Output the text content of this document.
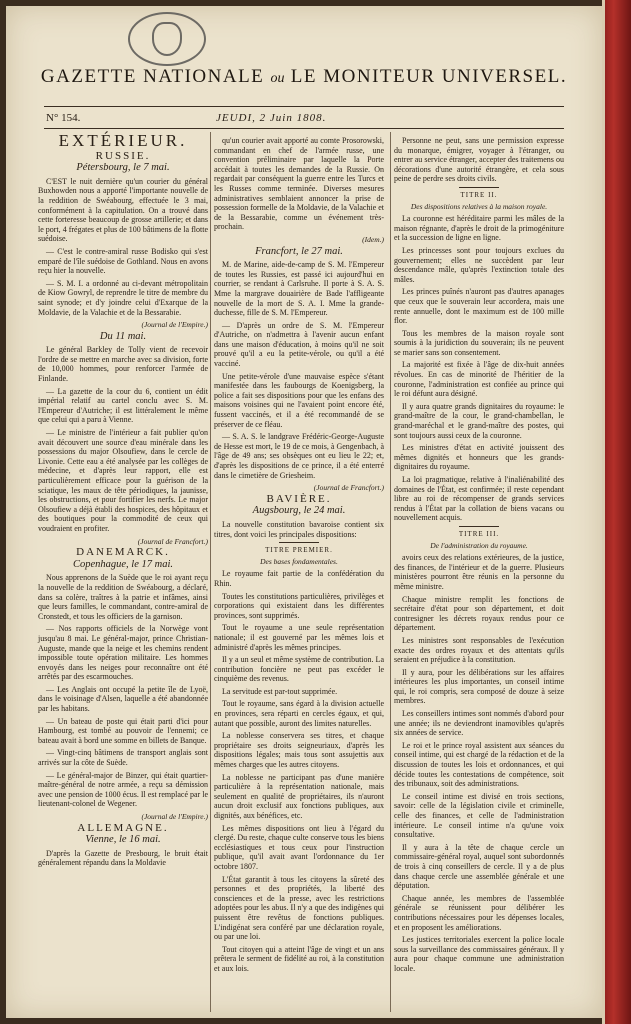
GAZETTE NATIONALE ou LE MONITEUR UNIVERSEL.
N° 154.	JEUDI, 2 Juin 1808.
EXTÉRIEUR.
RUSSIE.
Pétersbourg, le 7 mai.

C'EST le nuit dernière qu'un courier du général Buxhowden nous a apporté l'importante nouvelle de la reddition de Swéabourg, effectuée le 3 mai, conformément à la capitulation. On a trouvé dans cette forteresse beaucoup de grosse artillerie; et dans le port, 4 frégates et plus de 100 bâtimens de la flotte suédoise.

— C'est le contre-amiral russe Bodisko qui s'est emparé de l'île suédoise de Gothland. Nous en avons reçu hier la nouvelle.

— S. M. I. a ordonné au ci-devant métropolitain de Kiow Gowryl, de reprendre le titre de membre du saint synode; et d'y joindre celui d'Exarque de la Moldavie, de la Valachie et de la Bessarabie.

(Journal de l'Empire.)
Du 11 mai.

Le général Barkley de Tolly vient de recevoir l'ordre de se mettre en marche avec sa division, forte de 10,000 hommes, pour renforcer l'armée de Finlande.

— La gazette de la cour du 6, contient un édit impérial relatif au cartel conclu avec S. M. l'Empereur d'Autriche; il est littéralement le même que celui qui a paru à Vienne.

— Le ministre de l'intérieur a fait publier qu'on avait découvert une source d'eau minérale dans les possessions du major Olsoufiew, dans le cercle de Livonie. Cette eau a été analysée par les collèges de médecine, et d'après leur rapport, elle est particulièrement efficace pour la guérison de la sciatique, les maux de tête périodiques, la jaunisse, les obstructions, et pour fortifier les nerfs. Le major Olsoufiew a déjà établi des hospices, des hôpitaux et des boutiques pour la commodité de ceux qui voudraient en profiter.

(Journal de Francfort.)
DANEMARCK.
Copenhague, le 17 mai.

Nous apprenons de la Suède que le roi ayant reçu la nouvelle de la reddition de Swéabourg, a déclaré, dans sa colère, traîtres à la patrie et infâmes, ainsi que leurs familles, le commandant, contre-amiral de Cronstedt, et tous les officiers de la garnison.

— Nos rapports officiels de la Norwège vont jusqu'au 8 mai. Le général-major, prince Christian-Auguste, mande que la neige et les chemins rendent impossible toute opération militaire. Les hommes envoyés dans les neiges pour reconnaître ont été arrêtés par des escarmouches.

— Les Anglais ont occupé la petite île de Lyoë, dans le voisinage d'Alsen, laquelle a été abandonnée par les habitans.

— Un bateau de poste qui était parti d'ici pour Hambourg, est tombé au pouvoir de l'ennemi; ce bateau avait à bord une somme en billets de Banque.

— Vingt-cinq bâtimens de transport anglais sont arrivés sur la côte de Suède.

— Le général-major de Binzer, qui était quartier-maître-général de notre armée, a reçu sa démission avec une pension de 1000 écus. Il est remplacé par le lieutenant-colonel de Wegener.

(Journal de l'Empire.)
ALLEMAGNE.
Vienne, le 16 mai.

D'après la Gazette de Presbourg, le bruit était généralement répandu dans la Moldavie

qu'un courier avait apporté au comte Prosorowski, commandant en chef de l'armée russe, une convention préliminaire par laquelle la Porte accédait à toutes les demandes de la Russie. On regardait par conséquent la guerre entre les Turcs et les Russes comme terminée. Diverses mesures administratives semblaient annoncer la prise de possession formelle de la Moldavie, de la Valachie et de la Bessarabie, comme un événement très-prochain.

(Idem.)
Francfort, le 27 mai.

M. de Marine, aide-de-camp de S. M. l'Empereur de toutes les Russies, est passé ici aujourd'hui en courrier, se rendant à Carlsruhe. Il porte à S. A. S. Mme la margrave douairière de Bade l'affligeante nouvelle de la mort de S. A. I. Mme la grande-duchesse, fille de S. M. l'Empereur.

— D'après un ordre de S. M. l'Empereur d'Autriche, on n'admettra à l'avenir aucun enfant dans une maison d'éducation, à moins qu'il ne soit prouvé qu'il a eu la petite-vérole, ou qu'il a été vacciné.

Une petite-vérole d'une mauvaise espèce s'étant manifestée dans les faubourgs de Koenigsberg, la police a fait ses dispositions pour que les enfans des maisons voisines qui ne l'avaient point encore été, fussent vaccinés, et il a été recommandé de se préserver de ce fléau.

— S. A. S. le landgrave Frédéric-George-Auguste de Hesse est mort, le 19 de ce mois, à Gengenbach, à l'âge de 49 ans; ses obsèques ont eu lieu le 22; et, d'après les dispositions de ce prince, il a été enterré dans le cimetière de Griesheim.

(Journal de Francfort.)
BAVIÈRE.
Augsbourg, le 24 mai.

La nouvelle constitution bavaroise contient six titres, dont voici les principales dispositions:

TITRE PREMIER.
Des bases fondamentales.

Le royaume fait partie de la confédération du Rhin.

Toutes les constitutions particulières, privilèges et corporations qui existaient dans les différentes provinces, sont supprimés.

Tout le royaume a une seule représentation nationale; il est gouverné par les mêmes lois et administré d'après les mêmes principes.

Il y a un seul et même système de contribution. La contribution foncière ne peut pas excéder le cinquième des revenus.

La servitude est par-tout supprimée.

Tout le royaume, sans égard à la division actuelle en provinces, sera réparti en cercles égaux, et qui, autant que possible, auront des limites naturelles.

La noblesse conservera ses titres, et chaque propriétaire ses droits seigneuriaux, d'après les dispositions légales; mais tous sont assujettis aux mêmes charges que les autres citoyens.

La noblesse ne participant pas d'une manière particulière à la représentation nationale, mais seulement en qualité de propriétaires, ils n'auront aucun droit exclusif aux fonctions publiques, aux dignités, aux bénéfices, etc.

Les mêmes dispositions ont lieu à l'égard du clergé. Du reste, chaque culte conserve tous les biens ecclésiastiques et tous ceux pour l'instruction publique, qu'il avait avant l'ordonnance du 1er octobre 1807.

L'État garantit à tous les citoyens la sûreté des personnes et des propriétés, la liberté des consciences et de la presse, avec les restrictions adoptées pour les abus. Il n'y a que des indigènes qui puissent être revêtus de fonctions publiques. L'indigénat sera conféré par une déclaration royale, ou par une loi.

Tout citoyen qui a atteint l'âge de vingt et un ans prêtera le serment de fidélité au roi, à la constitution et aux lois.

Personne ne peut, sans une permission expresse du monarque, émigrer, voyager à l'étranger, ou entrer au service étranger, accepter des traitemens ou décorations d'une autorité étrangère, et cela sous peine de perdre ses droits civils.

TITRE II.
Des dispositions relatives à la maison royale.

La couronne est héréditaire parmi les mâles de la maison régnante, d'après le droit de la primogéniture et la succession de ligne en ligne.

Les princesses sont pour toujours exclues du gouvernement; elles ne succèdent par leur descendance mâle, qu'après l'extinction totale des mâles.

Les princes puînés n'auront pas d'autres apanages que ceux que le souverain leur accordera, mais une rente annuelle, dont le maximum est de 100 mille flor.

Tous les membres de la maison royale sont soumis à la juridiction du souverain; ils ne peuvent se marier sans son consentement.

La majorité est fixée à l'âge de dix-huit années révolues. En cas de minorité de l'héritier de la couronne, l'administration est confiée au prince qui le roi défunt aura désigné.

Il y aura quatre grands dignitaires du royaume: le grand-maître de la cour, le grand-chambellan, le grand-maréchal et le grand-maître des postes, qui sont toujours aussi ceux de la couronne.

Les ministres d'état en activité jouissent des mêmes dignités et honneurs que les grands-dignitaires du royaume.

La loi pragmatique, relative à l'inaliénabilité des domaines de l'État, est confirmée; il reste cependant libre au roi de récompenser de grands services rendus à l'État par la collation de biens vacans ou nouvellement acquis.

TITRE III.
De l'administration du royaume.

avoirs ceux des relations extérieures, de la justice, des finances, de l'intérieur et de la guerre. Plusieurs ministères pourront être réunis en la personne du même ministre.

Chaque ministre remplit les fonctions de secrétaire d'état pour son département, et doit contresigner les décrets royaux rendus pour ce département.

Les ministres sont responsables de l'exécution exacte des ordres royaux et des attentats qu'ils seraient en préjudice à la constitution.

Il y aura, pour les délibérations sur les affaires intérieures les plus importantes, un conseil intime qui, le roi compris, sera composé de douze à seize membres.

Les conseillers intimes sont nommés d'abord pour une année; ils ne deviendront inamovibles qu'après six années de service.

Le roi et le prince royal assistent aux séances du conseil intime, qui est chargé de la rédaction et de la discussion de toutes les lois et ordonnances, et qui décide toutes les contestations de compétence, soit des tribunaux, soit des administrations.

Le conseil intime est divisé en trois sections, savoir: celle de la législation civile et criminelle, celle des finances, et celle de l'administration intérieure. Le conseil intime n'a qu'une voix consultative.

Il y aura à la tête de chaque cercle un commissaire-général royal, auquel sont subordonnés de trois à cinq conseillers de cercle. Il y a de plus dans chaque cercle une assemblée générale et une députation.

Chaque année, les membres de l'assemblée générale se réunissent pour délibérer les contributions nécessaires pour les dépenses locales, et en proposent les améliorations.

Les justices territoriales exercent la police locale sous la surveillance des commissaires généraux. Il y aura pour chaque commune une administration locale.
